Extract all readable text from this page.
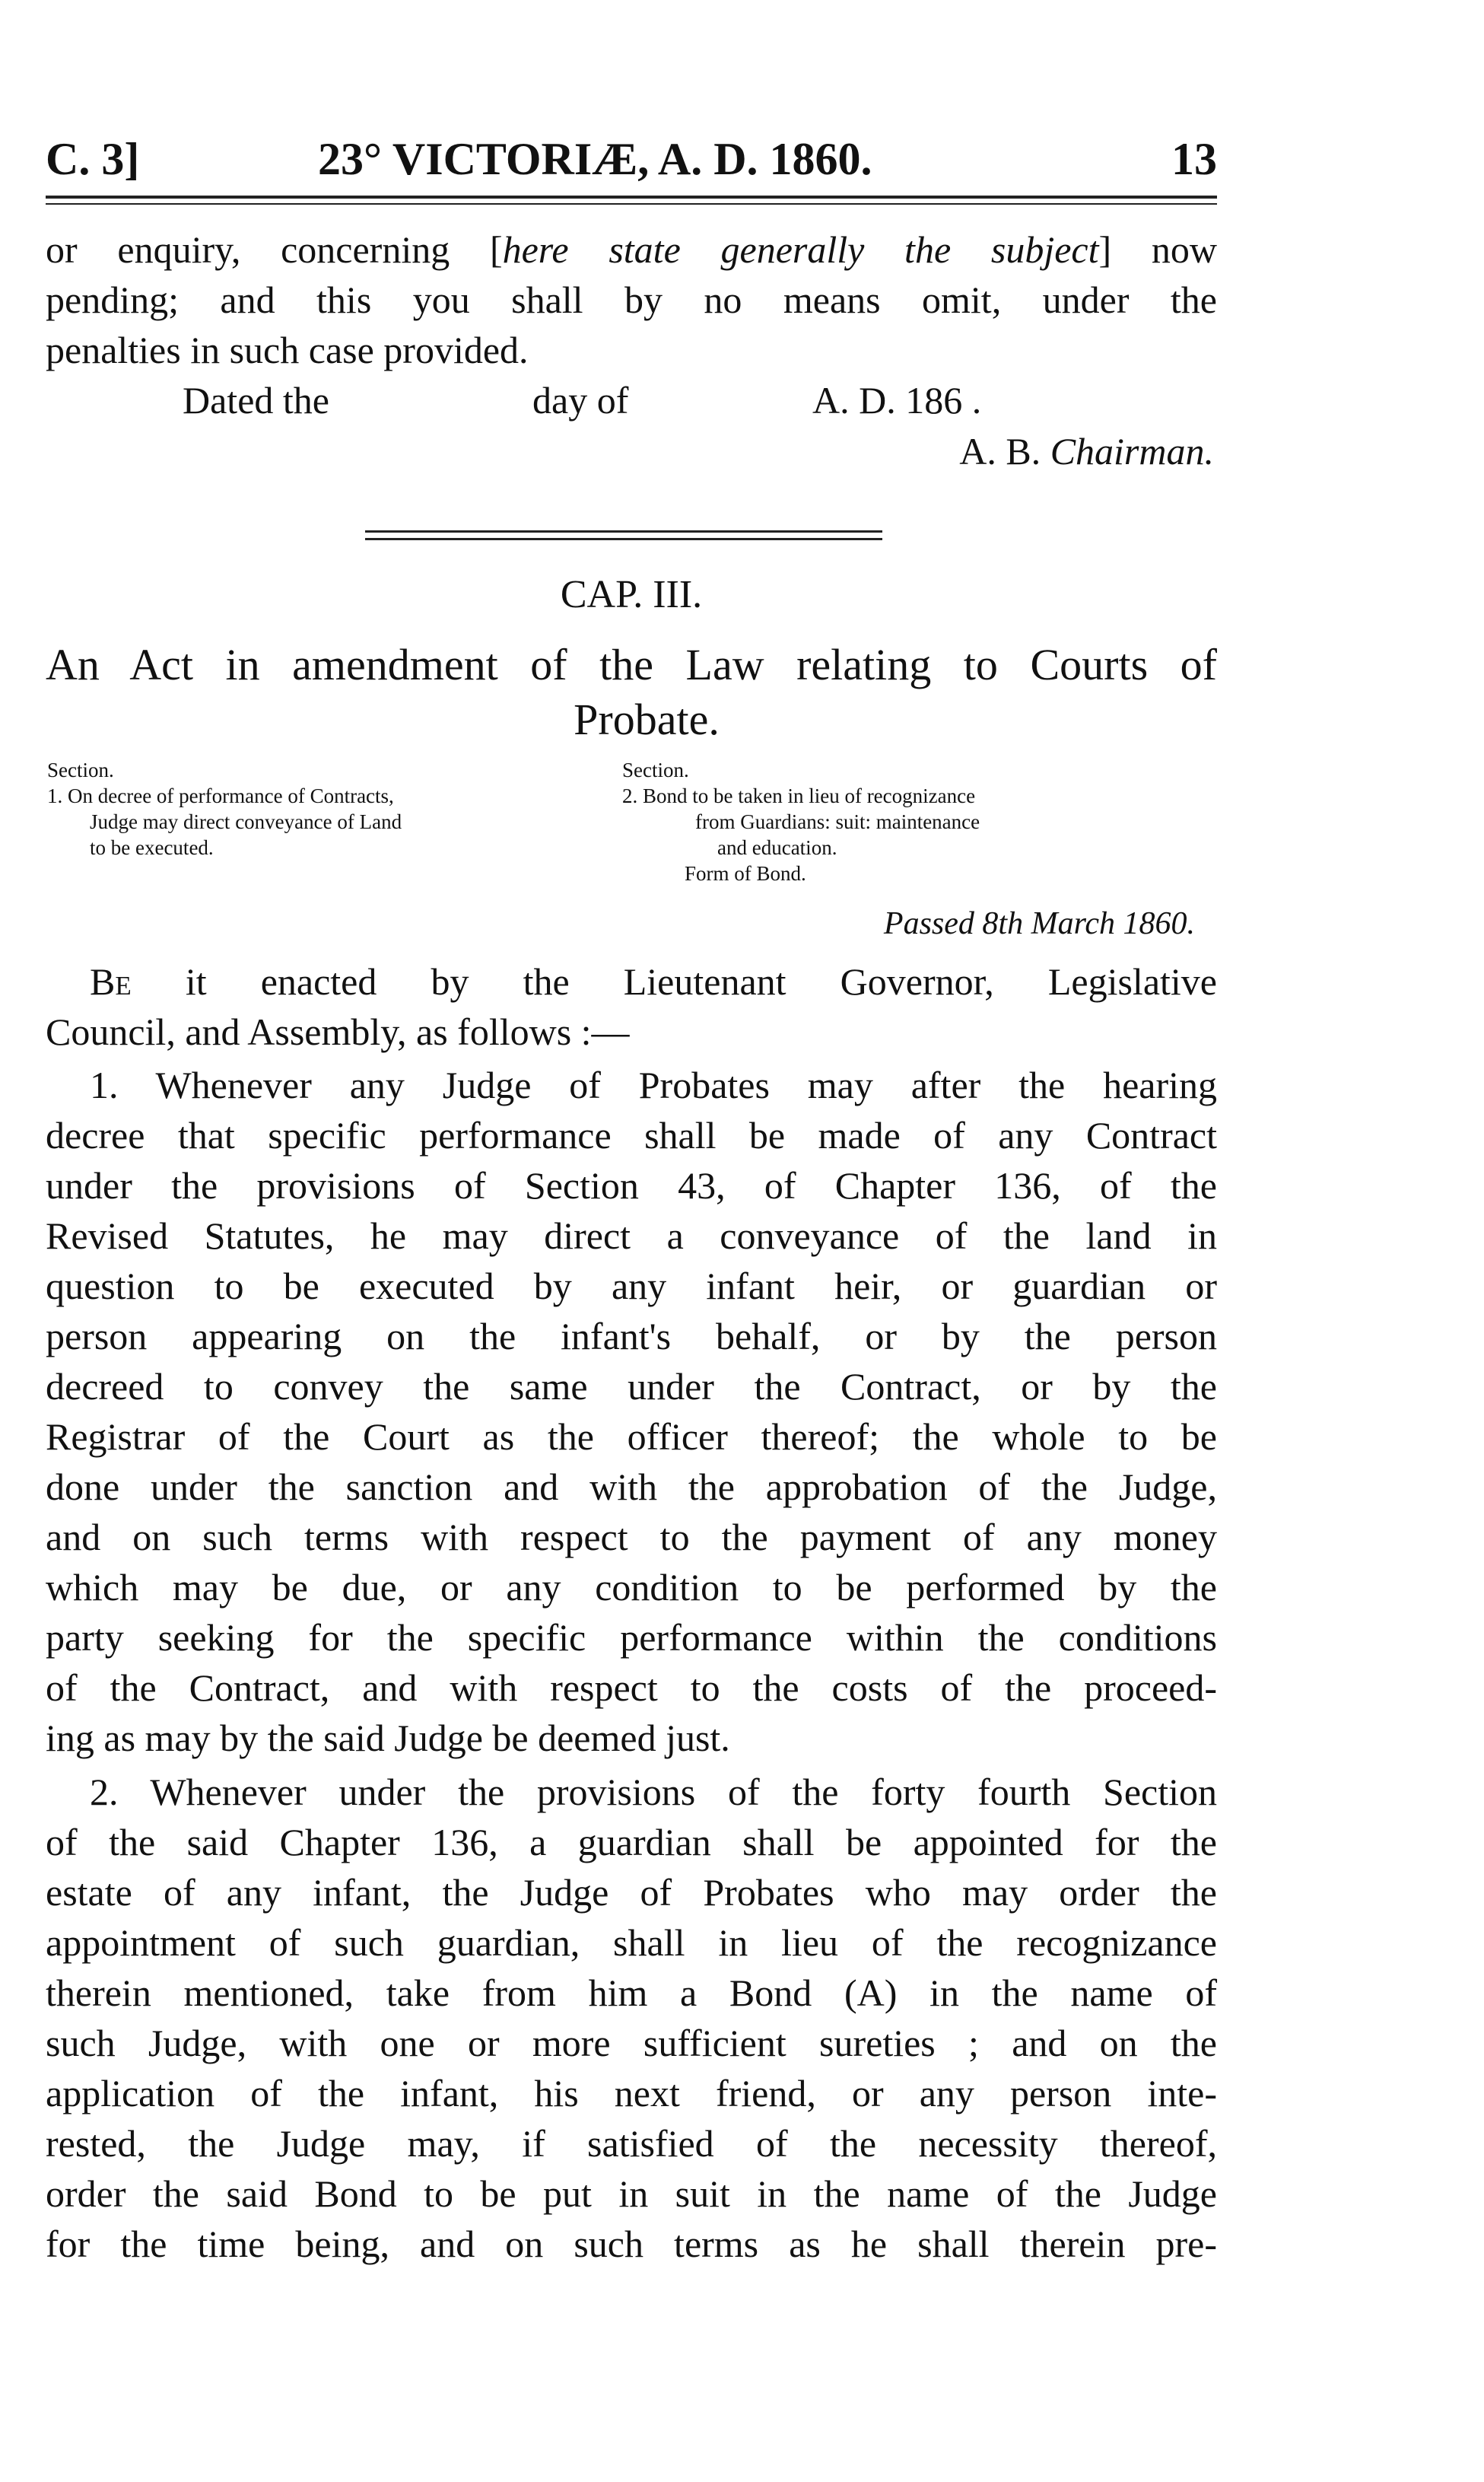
C. 3]	23° VICTORIÆ, A. D. 1860.	13
or enquiry, concerning [here state generally the subject] now
pending; and this you shall by no means omit, under the
penalties in such case provided.
Dated the	day of	A. D. 186 .
A. B. Chairman.
CAP. III.
An Act in amendment of the Law relating to Courts of
Probate.
Section.
1. On decree of performance of Contracts,
Judge may direct conveyance of Land
to be executed.
Section.
2. Bond to be taken in lieu of recognizance
from Guardians: suit: maintenance
and education.
Form of Bond.
Passed 8th March 1860.
Be it enacted by the Lieutenant Governor, Legislative
Council, and Assembly, as follows :—
1. Whenever any Judge of Probates may after the hearing
decree that specific performance shall be made of any Contract
under the provisions of Section 43, of Chapter 136, of the
Revised Statutes, he may direct a conveyance of the land in
question to be executed by any infant heir, or guardian or
person appearing on the infant's behalf, or by the person
decreed to convey the same under the Contract, or by the
Registrar of the Court as the officer thereof; the whole to be
done under the sanction and with the approbation of the Judge,
and on such terms with respect to the payment of any money
which may be due, or any condition to be performed by the
party seeking for the specific performance within the conditions
of the Contract, and with respect to the costs of the proceed-
ing as may by the said Judge be deemed just.
2. Whenever under the provisions of the forty fourth Section
of the said Chapter 136, a guardian shall be appointed for the
estate of any infant, the Judge of Probates who may order the
appointment of such guardian, shall in lieu of the recognizance
therein mentioned, take from him a Bond (A) in the name of
such Judge, with one or more sufficient sureties ; and on the
application of the infant, his next friend, or any person inte-
rested, the Judge may, if satisfied of the necessity thereof,
order the said Bond to be put in suit in the name of the Judge
for the time being, and on such terms as he shall therein pre-
